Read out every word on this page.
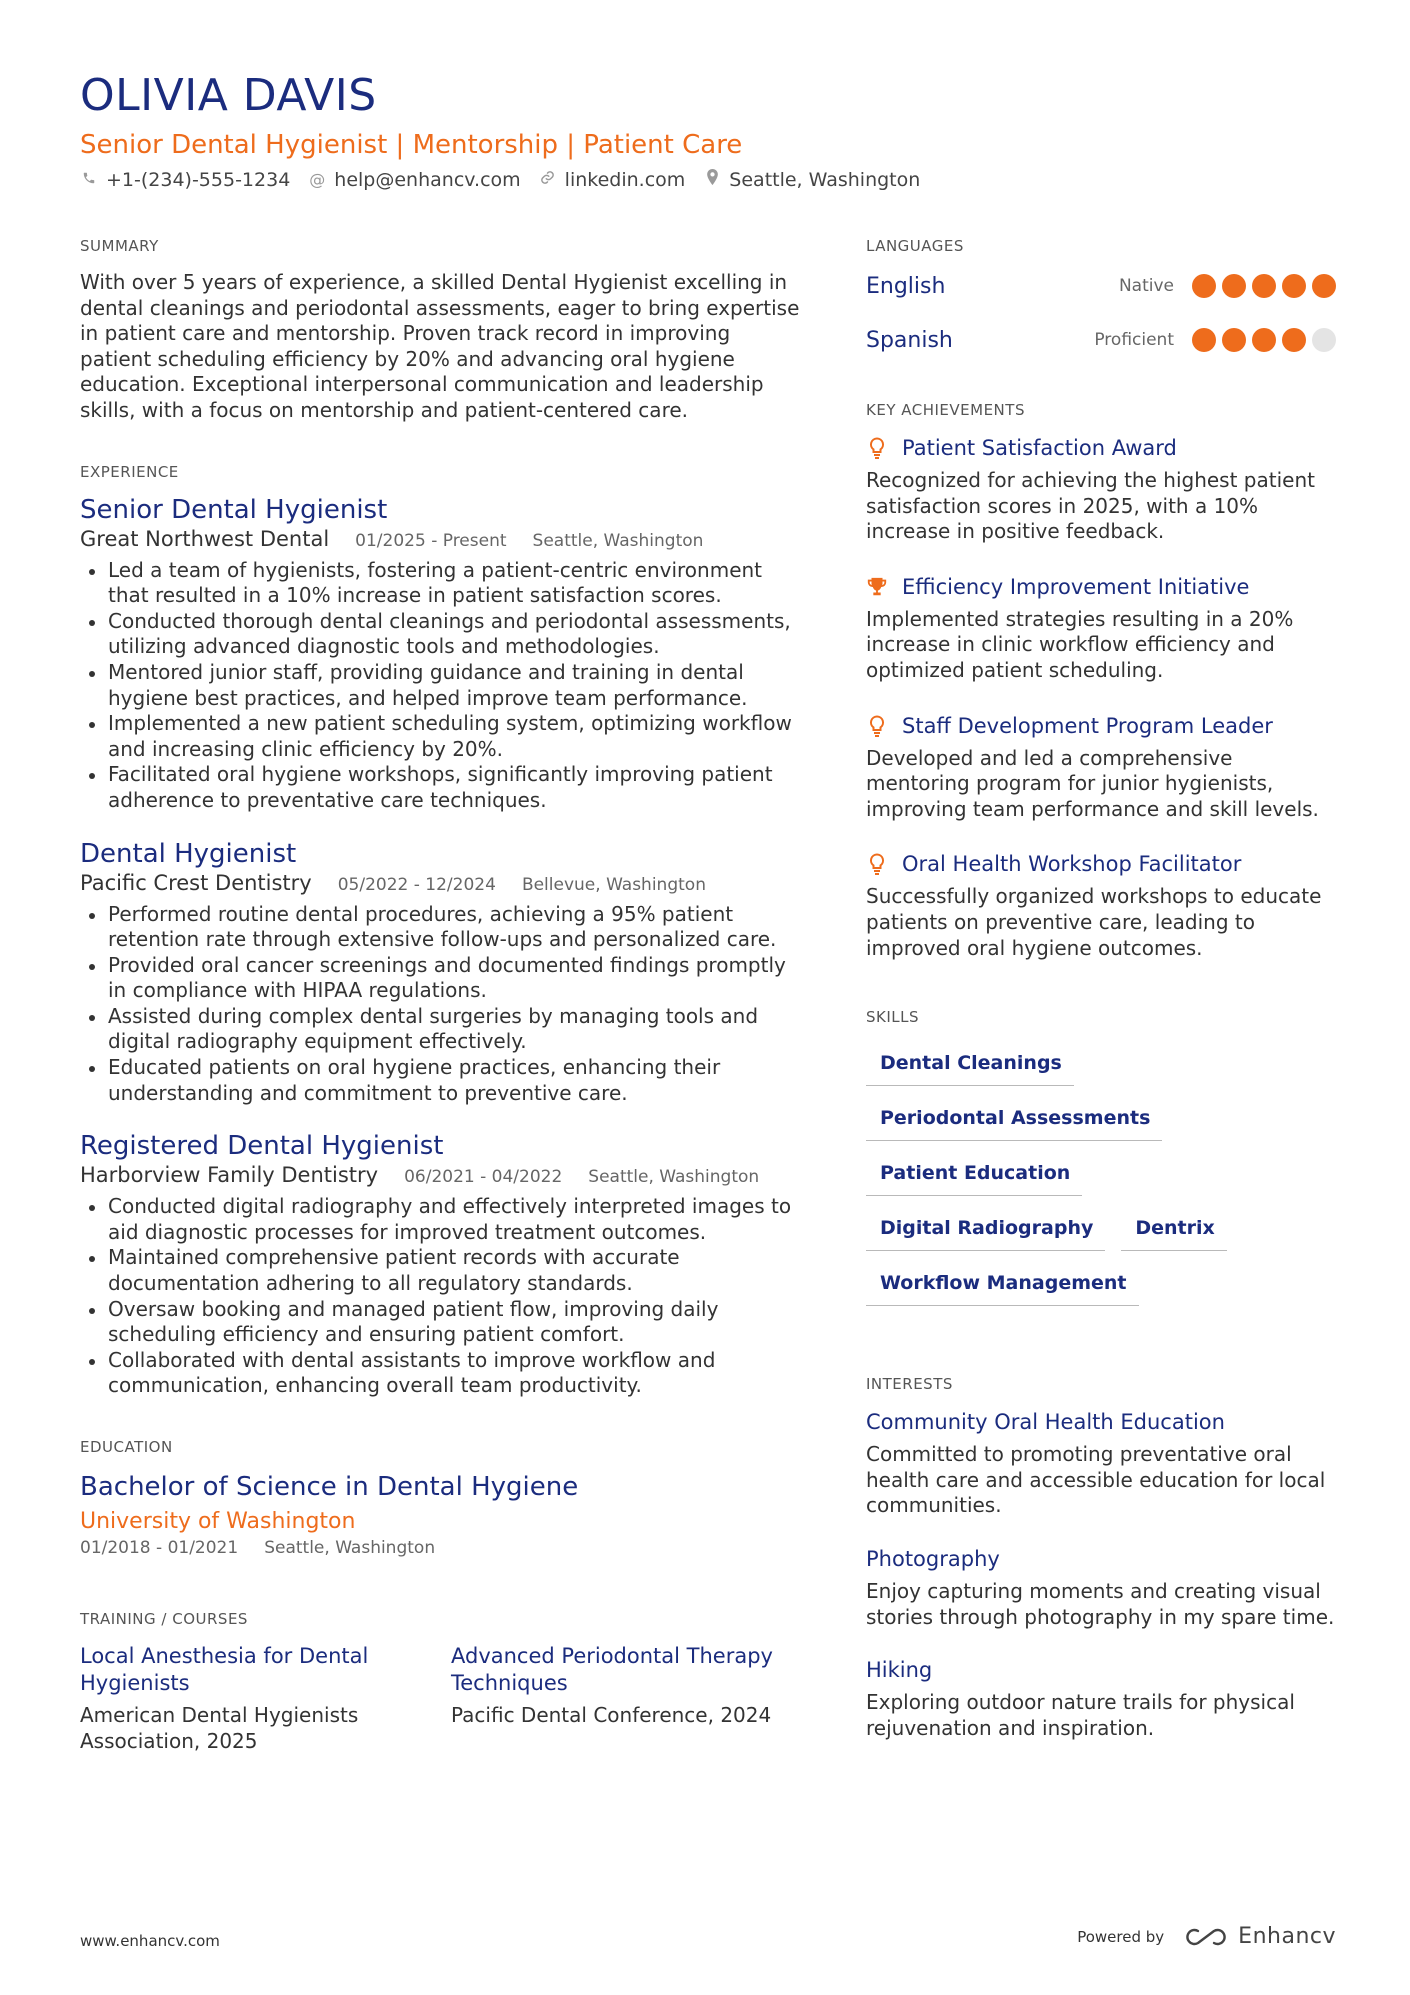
OLIVIA DAVIS
Senior Dental Hygienist | Mentorship | Patient Care
+1-(234)-555-1234 @ help@enhancv.com linkedin.com Seattle, Washington
SUMMARY
With over 5 years of experience, a skilled Dental Hygienist excelling in dental cleanings and periodontal assessments, eager to bring expertise in patient care and mentorship. Proven track record in improving patient scheduling efficiency by 20% and advancing oral hygiene education. Exceptional interpersonal communication and leadership skills, with a focus on mentorship and patient-centered care.
EXPERIENCE
Senior Dental Hygienist
Great Northwest Dental 01/2025 - Present Seattle, Washington
Led a team of hygienists, fostering a patient-centric environment that resulted in a 10% increase in patient satisfaction scores.
Conducted thorough dental cleanings and periodontal assessments, utilizing advanced diagnostic tools and methodologies.
Mentored junior staff, providing guidance and training in dental hygiene best practices, and helped improve team performance.
Implemented a new patient scheduling system, optimizing workflow and increasing clinic efficiency by 20%.
Facilitated oral hygiene workshops, significantly improving patient adherence to preventative care techniques.
Dental Hygienist
Pacific Crest Dentistry 05/2022 - 12/2024 Bellevue, Washington
Performed routine dental procedures, achieving a 95% patient retention rate through extensive follow-ups and personalized care.
Provided oral cancer screenings and documented findings promptly in compliance with HIPAA regulations.
Assisted during complex dental surgeries by managing tools and digital radiography equipment effectively.
Educated patients on oral hygiene practices, enhancing their understanding and commitment to preventive care.
Registered Dental Hygienist
Harborview Family Dentistry 06/2021 - 04/2022 Seattle, Washington
Conducted digital radiography and effectively interpreted images to aid diagnostic processes for improved treatment outcomes.
Maintained comprehensive patient records with accurate documentation adhering to all regulatory standards.
Oversaw booking and managed patient flow, improving daily scheduling efficiency and ensuring patient comfort.
Collaborated with dental assistants to improve workflow and communication, enhancing overall team productivity.
EDUCATION
Bachelor of Science in Dental Hygiene
University of Washington
01/2018 - 01/2021 Seattle, Washington
TRAINING / COURSES
Local Anesthesia for Dental Hygienists
American Dental Hygienists Association, 2025
Advanced Periodontal Therapy Techniques
Pacific Dental Conference, 2024
LANGUAGES
English	Native
Spanish	Proficient
KEY ACHIEVEMENTS
Patient Satisfaction Award
Recognized for achieving the highest patient satisfaction scores in 2025, with a 10% increase in positive feedback.
Efficiency Improvement Initiative
Implemented strategies resulting in a 20% increase in clinic workflow efficiency and optimized patient scheduling.
Staff Development Program Leader
Developed and led a comprehensive mentoring program for junior hygienists, improving team performance and skill levels.
Oral Health Workshop Facilitator
Successfully organized workshops to educate patients on preventive care, leading to improved oral hygiene outcomes.
SKILLS
Dental Cleanings
Periodontal Assessments
Patient Education
Digital Radiography	Dentrix
Workflow Management
INTERESTS
Community Oral Health Education
Committed to promoting preventative oral health care and accessible education for local communities.
Photography
Enjoy capturing moments and creating visual stories through photography in my spare time.
Hiking
Exploring outdoor nature trails for physical rejuvenation and inspiration.
www.enhancv.com	Powered by	Enhancv
